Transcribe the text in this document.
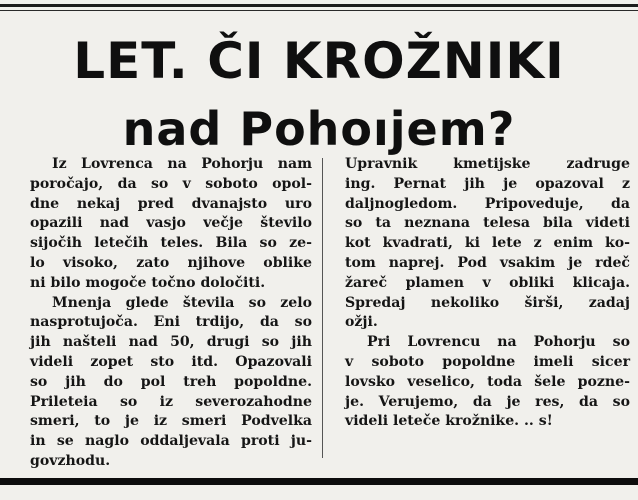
LET. ČI KROŽNIKI
nad Pohoıjem?
Iz Lovrenca na Pohorju nam
poročajo, da so v soboto opol-
dne nekaj pred dvanajsto uro
opazili nad vasjo večje število
sijočih letečih teles. Bila so ze-
lo visoko, zato njihove oblike
ni bilo mogoče točno določiti.
Mnenja glede števila so zelo
nasprotujoča. Eni trdijo, da so
jih našteli nad 50, drugi so jih
videli zopet sto itd. Opazovali
so jih do pol treh popoldne.
Prileteia so iz severozahodne
smeri, to je iz smeri Podvelka
in se naglo oddaljevala proti ju-
govzhodu.
Upravnik kmetijske zadruge
ing. Pernat jih je opazoval z
daljnogledom. Pripoveduje, da
so ta neznana telesa bila videti
kot kvadrati, ki lete z enim ko-
tom naprej. Pod vsakim je rdeč
žareč plamen v obliki klicaja.
Spredaj nekoliko širši, zadaj
ožji.
Pri Lovrencu na Pohorju so
v soboto popoldne imeli sicer
lovsko veselico, toda šele pozne-
je. Verujemo, da je res, da so
videli leteče krožnike. .. s!
